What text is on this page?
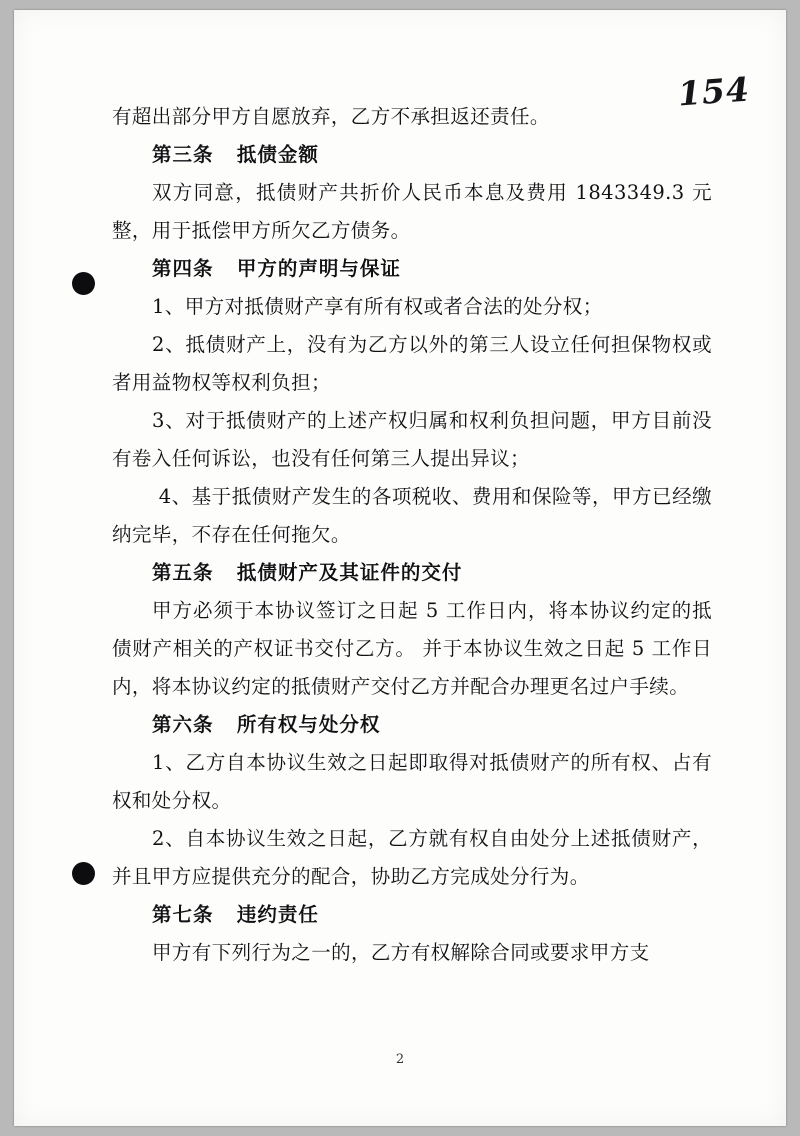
154
有超出部分甲方自愿放弃，乙方不承担返还责任。
第三条   抵债金额
双方同意，抵债财产共折价人民币本息及费用 1843349.3 元整，用于抵偿甲方所欠乙方债务。
第四条   甲方的声明与保证
1、甲方对抵债财产享有所有权或者合法的处分权；
2、抵债财产上，没有为乙方以外的第三人设立任何担保物权或者用益物权等权利负担；
3、对于抵债财产的上述产权归属和权利负担问题，甲方目前没有卷入任何诉讼，也没有任何第三人提出异议；
4、基于抵债财产发生的各项税收、费用和保险等，甲方已经缴纳完毕，不存在任何拖欠。
第五条   抵债财产及其证件的交付
甲方必须于本协议签订之日起 5 工作日内，将本协议约定的抵债财产相关的产权证书交付乙方。 并于本协议生效之日起 5 工作日内，将本协议约定的抵债财产交付乙方并配合办理更名过户手续。
第六条   所有权与处分权
1、乙方自本协议生效之日起即取得对抵债财产的所有权、占有权和处分权。
2、自本协议生效之日起，乙方就有权自由处分上述抵债财产，并且甲方应提供充分的配合，协助乙方完成处分行为。
第七条   违约责任
甲方有下列行为之一的，乙方有权解除合同或要求甲方支
2
